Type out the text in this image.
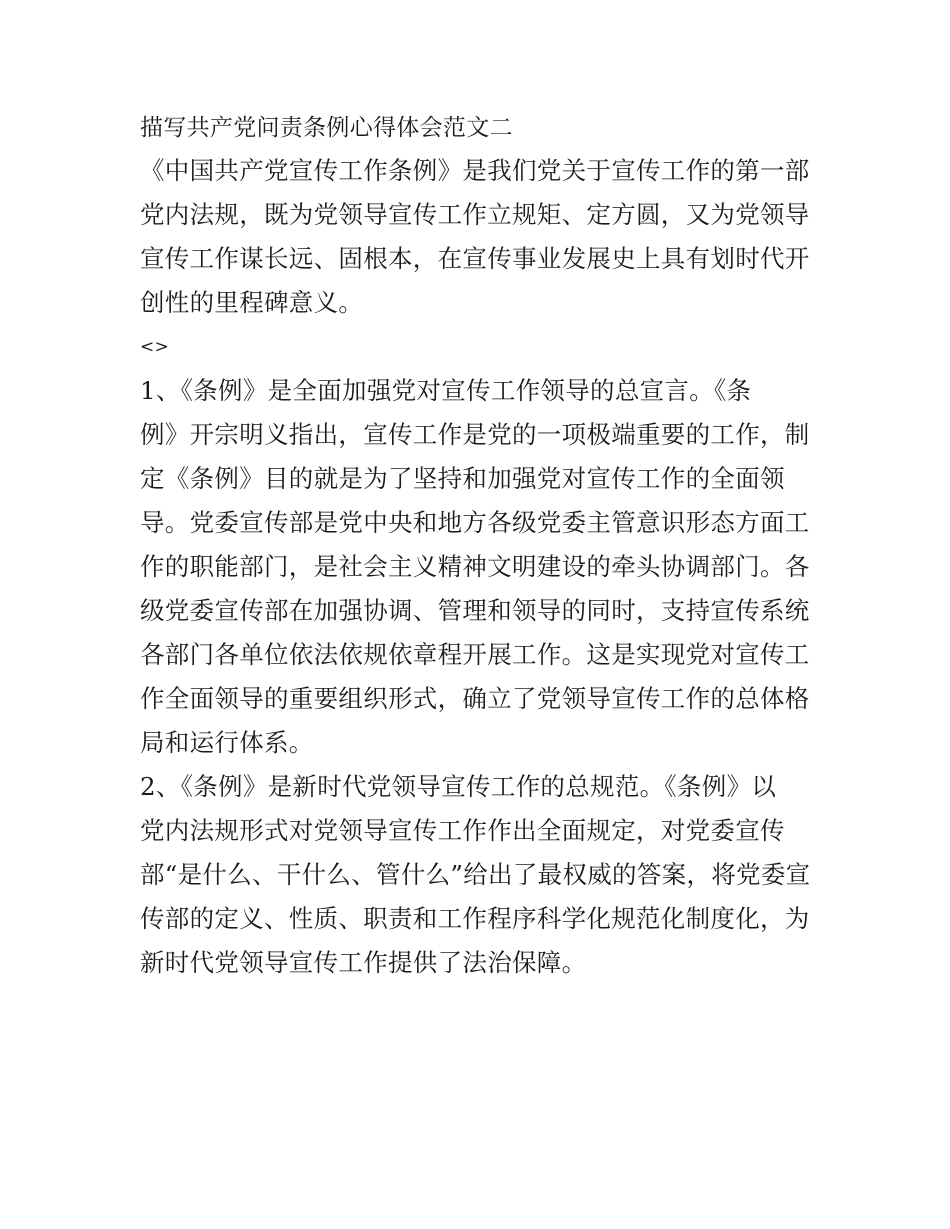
描写共产党问责条例心得体会范文二
《中国共产党宣传工作条例》是我们党关于宣传工作的第一部
党内法规，既为党领导宣传工作立规矩、定方圆，又为党领导
宣传工作谋长远、固根本，在宣传事业发展史上具有划时代开
创性的里程碑意义。
<>
1、《条例》是全面加强党对宣传工作领导的总宣言。《条
例》开宗明义指出，宣传工作是党的一项极端重要的工作，制
定《条例》目的就是为了坚持和加强党对宣传工作的全面领
导。党委宣传部是党中央和地方各级党委主管意识形态方面工
作的职能部门，是社会主义精神文明建设的牵头协调部门。各
级党委宣传部在加强协调、管理和领导的同时，支持宣传系统
各部门各单位依法依规依章程开展工作。这是实现党对宣传工
作全面领导的重要组织形式，确立了党领导宣传工作的总体格
局和运行体系。
2、《条例》是新时代党领导宣传工作的总规范。《条例》以
党内法规形式对党领导宣传工作作出全面规定，对党委宣传
部“是什么、干什么、管什么”给出了最权威的答案，将党委宣
传部的定义、性质、职责和工作程序科学化规范化制度化，为
新时代党领导宣传工作提供了法治保障。
